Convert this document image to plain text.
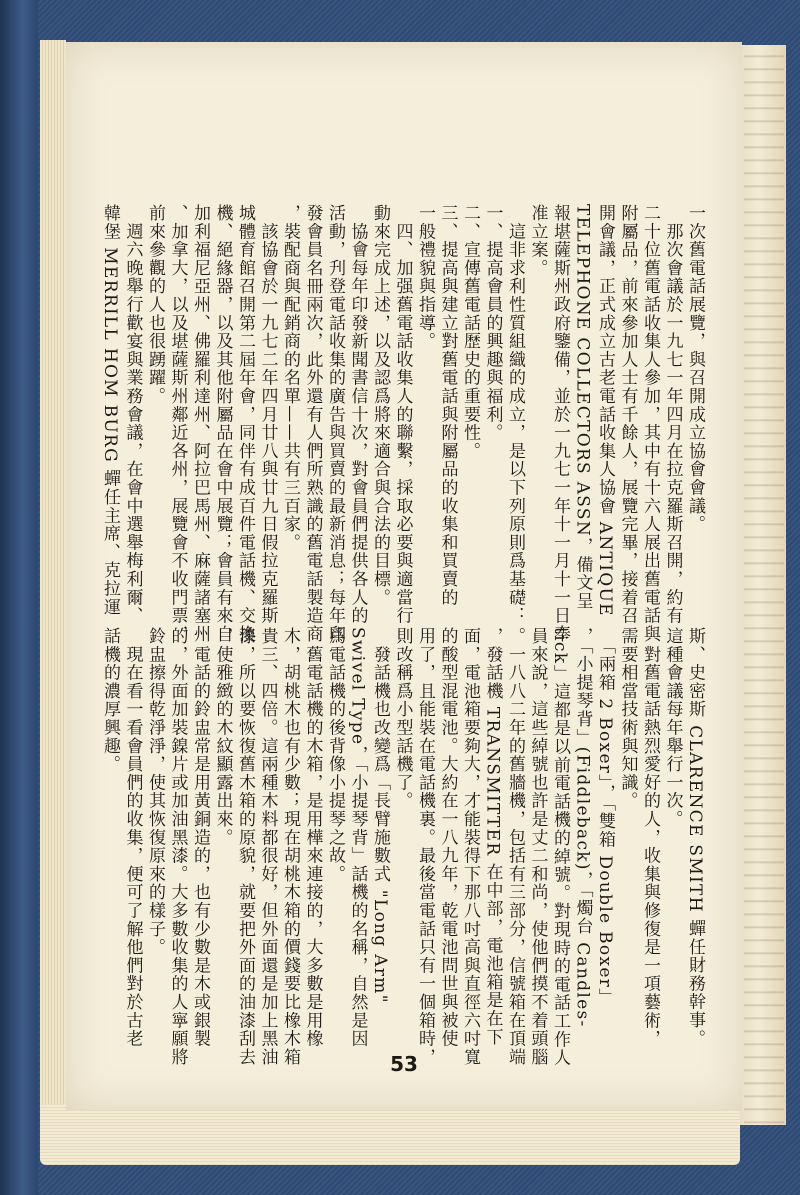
一次舊電話展覽，與召開成立協會會議。
　那次會議於一九七一年四月在拉克羅斯召開，約有
二十位舊電話收集人參加，其中有十六人展出舊電話與
附屬品，前來參加人士有千餘人，展覽完畢，接着召
開會議，正式成立古老電話收集人協會 ANTIQUE
TELEPHONE COLLECTORS ASSN，備文呈
報堪薩斯州政府鑒備，並於一九七一年十一月十一日奉
准立案。
　這非求利性質組織的成立，是以下列原則爲基礎：
一、提高會員的興趣與福利。
二、宣傳舊電話歷史的重要性。
三、提高與建立對舊電話與附屬品的收集和買賣的
一般禮貌與指導。
　四、加强舊電話收集人的聯繫，採取必要與適當行
動來完成上述，以及認爲將來適合與合法的目標。
　協會每年印發新聞書信十次，對會員們提供各人的
活動，刋登電話收集的廣告與買賣的最新消息；每年印
發會員名冊兩次，此外還有人們所熟識的舊電話製造商
，裝配商與配銷商的名單——共有三百家。
　該協會於一九七二年四月廿八與廿九日假拉克羅斯
城體育館召開第二屆年會，同伴有成百件電話機、交換
機、絕緣器，以及其他附屬品在會中展覽；會員有來自
加利福尼亞州、佛羅利達州、阿拉巴馬州、麻薩諸塞州
、加拿大，以及堪薩斯州鄰近各州，展覽會不收門票，
前來參觀的人也很踴躍。
　週六晚舉行歡宴與業務會議，在會中選舉梅利爾、
韓堡 MERRILL HOM BURG 蟬任主席、克拉運
斯、史密斯 CLARENCE SMITH 蟬任財務幹事。
這種會議每年舉行一次。
　對舊電話熱烈愛好的人，收集與修復是一項藝術，
需要相當技術與知識。
　「兩箱 2 Boxer」，「雙箱 Double Boxer」
，「小提琴背」(Fiddleback)，「燭台 Candles-
tick」這都是以前電話機的綽號。對現時的電話工作人
員來說，這些綽號也許是丈二和尚，使他們摸不着頭腦
。一八八二年的舊牆機，包括有三部分，信號箱在頂端
，發話機 TRANSMITTER 在中部，電池箱是在下
面，電池箱要夠大，才能裝得下那八吋高與直徑六吋寬
的酸型混電池。大約在一八九年，乾電池問世與被使
用了，且能裝在電話機裏。最後當電話只有一個箱時，
則改稱爲小型話機了。
　發話機也改變爲「長臂施數式 "Long Arm"
Swivel Type，「小提琴背」話機的名稱，自然是因
爲電話機的後背像小提琴之故。
　舊電話機的木箱，是用樺來連接的，大多數是用橡
木，胡桃木也有少數；現在胡桃木箱的價錢要比橡木箱
貴三、四倍。這兩種木料都很好，但外面還是加上黑油
漆，所以要恢復舊木箱的原貌，就要把外面的油漆刮去
，使雅緻的木紋顯露出來。
　電話的鈴盅常是用黃銅造的，也有少數是木或銀製
的，外面加裝鎳片或加油黑漆。大多數收集的人寧願將
鈴盅擦得乾淨淨，使其恢復原來的樣子。
　現在看一看會員們的收集，便可了解他們對於古老
話機的濃厚興趣。
53
